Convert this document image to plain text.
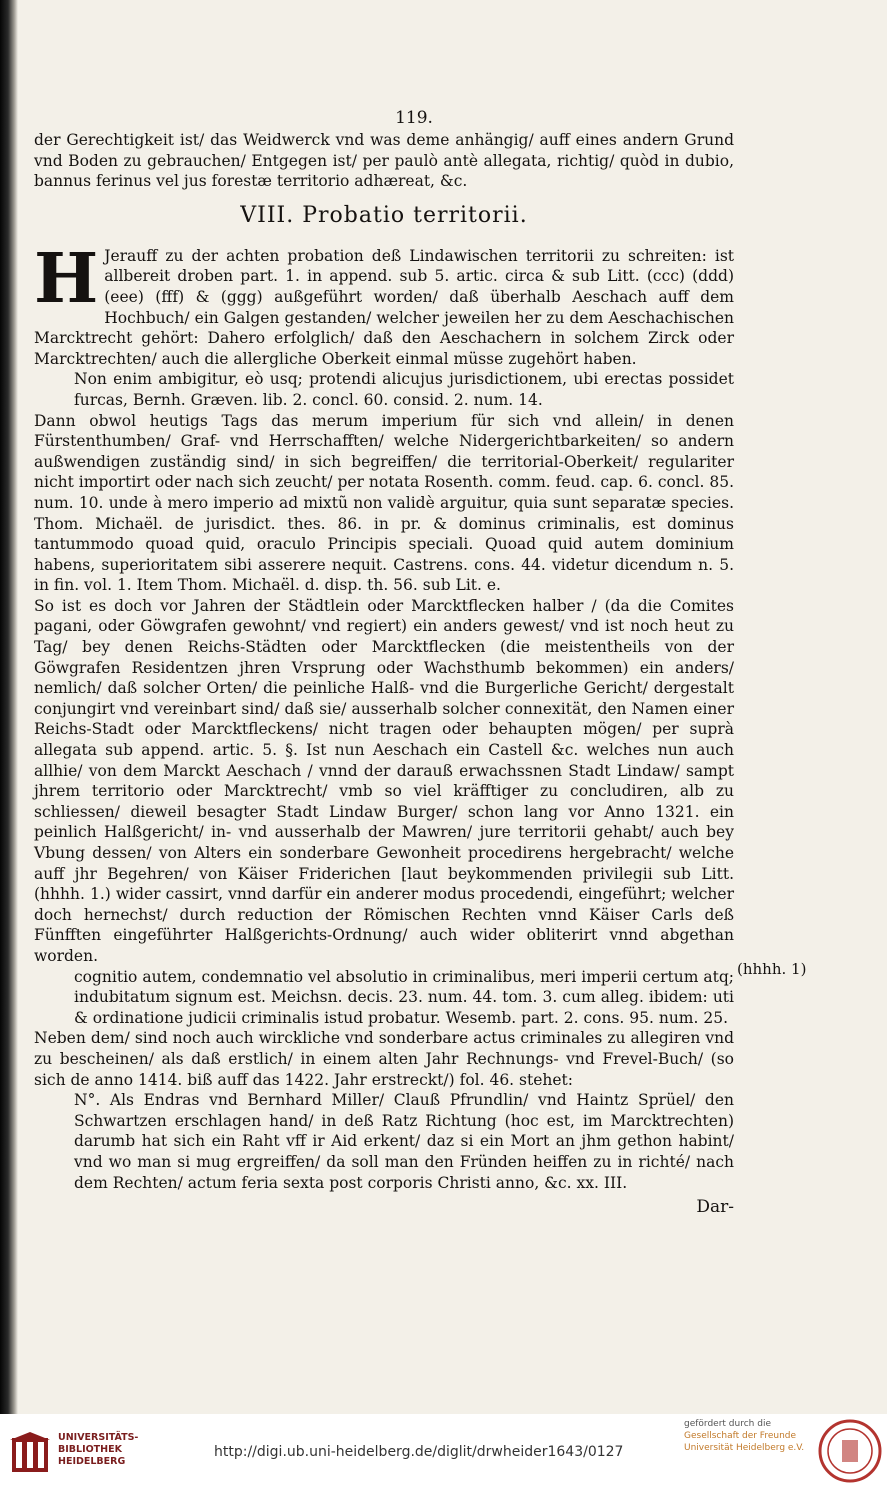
119.

der Gerechtigkeit ist/ das Weidwerck vnd was deme anhängig/ auff eines andern Grund vnd Boden zu gebrauchen/ Entgegen ist/ per paulò antè allegata, richtig/ quòd in dubio, bannus ferinus vel jus forestæ territorio adhæreat, &c.

VIII. Probatio territorii.
H Jerauff zu der achten probation deß Lindawischen territorii zu schreiten: ist allbereit droben part. 1. in append. sub 5. artic. circa & sub Litt. (ccc) (ddd) (eee) (fff) & (ggg) außgeführt worden/ daß überhalb Aeschach auff dem Hochbuch/ ein Galgen gestanden/ welcher jeweilen her zu dem Aeschachischen Marcktrecht gehört: Dahero erfolglich/ daß den Aeschachern in solchem Zirck oder Marcktrechten/ auch die allergliche Oberkeit einmal müsse zugehört haben.

Non enim ambigitur, eò usq; protendi alicujus jurisdictionem, ubi erectas possidet furcas, Bernh. Græven. lib. 2. concl. 60. consid. 2. num. 14.

Dann obwol heutigs Tags das merum imperium für sich vnd allein/ in denen Fürstenthumben/ Graf- vnd Herrschafften/ welche Nidergerichtbarkeiten/ so andern außwendigen zuständig sind/ in sich begreiffen/ die territorial-Oberkeit/ regulariter nicht importirt oder nach sich zeucht/ per notata Rosenth. comm. feud. cap. 6. concl. 85. num. 10. unde à mero imperio ad mixtũ non validè arguitur, quia sunt separatæ species. Thom. Michaël. de jurisdict. thes. 86. in pr. & dominus criminalis, est dominus tantummodo quoad quid, oraculo Principis speciali. Quoad quid autem dominium habens, superioritatem sibi asserere nequit. Castrens. cons. 44. videtur dicendum n. 5. in fin. vol. 1. Item Thom. Michaël. d. disp. th. 56. sub Lit. e.

So ist es doch vor Jahren der Städtlein oder Marcktflecken halber / (da die Comites pagani, oder Göwgrafen gewohnt/ vnd regiert) ein anders gewest/ vnd ist noch heut zu Tag/ bey denen Reichs-Städten oder Marcktflecken (die meistentheils von der Göwgrafen Residentzen jhren Vrsprung oder Wachsthumb bekommen) ein anders/ nemlich/ daß solcher Orten/ die peinliche Halß- vnd die Burgerliche Gericht/ dergestalt conjungirt vnd vereinbart sind/ daß sie/ ausserhalb solcher connexität, den Namen einer Reichs-Stadt oder Marcktfleckens/ nicht tragen oder behaupten mögen/ per suprà allegata sub append. artic. 5. §. Ist nun Aeschach ein Castell &c. welches nun auch allhie/ von dem Marckt Aeschach / vnnd der darauß erwachssnen Stadt Lindaw/ sampt jhrem territorio oder Marcktrecht/ vmb so viel kräfftiger zu concludiren, alb zu schliessen/ dieweil besagter Stadt Lindaw Burger/ schon lang vor Anno 1321. ein peinlich Halßgericht/ in- vnd ausserhalb der Mawren/ jure territorii gehabt/ auch bey Vbung dessen/ von Alters ein sonderbare Gewonheit procedirens hergebracht/ welche auff jhr Begehren/ von Käiser Friderichen [laut beykommenden privilegii sub Litt. (hhhh. 1.) wider cassirt, vnnd darfür ein anderer modus procedendi, eingeführt; welcher doch hernechst/ durch reduction der Römischen Rechten vnnd Käiser Carls deß Fünfften eingeführter Halßgerichts-Ordnung/ auch wider obliterirt vnnd abgethan worden.

cognitio autem, condemnatio vel absolutio in criminalibus, meri imperii certum atq; indubitatum signum est. Meichsn. decis. 23. num. 44. tom. 3. cum alleg. ibidem: uti & ordinatione judicii criminalis istud probatur. Wesemb. part. 2. cons. 95. num. 25.

Neben dem/ sind noch auch wirckliche vnd sonderbare actus criminales zu allegiren vnd zu bescheinen/ als daß erstlich/ in einem alten Jahr Rechnungs- vnd Frevel-Buch/ (so sich de anno 1414. biß auff das 1422. Jahr erstreckt/) fol. 46. stehet:

N°. Als Endras vnd Bernhard Miller/ Clauß Pfrundlin/ vnd Haintz Sprüel/ den Schwartzen erschlagen hand/ in deß Ratz Richtung (hoc est, im Marcktrechten) darumb hat sich ein Raht vff ir Aid erkent/ daz si ein Mort an jhm gethon habint/ vnd wo man si mug ergreiffen/ da soll man den Fründen heiffen zu in richté/ nach dem Rechten/ actum feria sexta post corporis Christi anno, &c. xx. III.

Dar-
(hhhh. 1)
UNIVERSITÄTS-
BIBLIOTHEK
HEIDELBERG
http://digi.ub.uni-heidelberg.de/diglit/drwheider1643/0127
gefördert durch die
Gesellschaft der Freunde
Universität Heidelberg e.V.
